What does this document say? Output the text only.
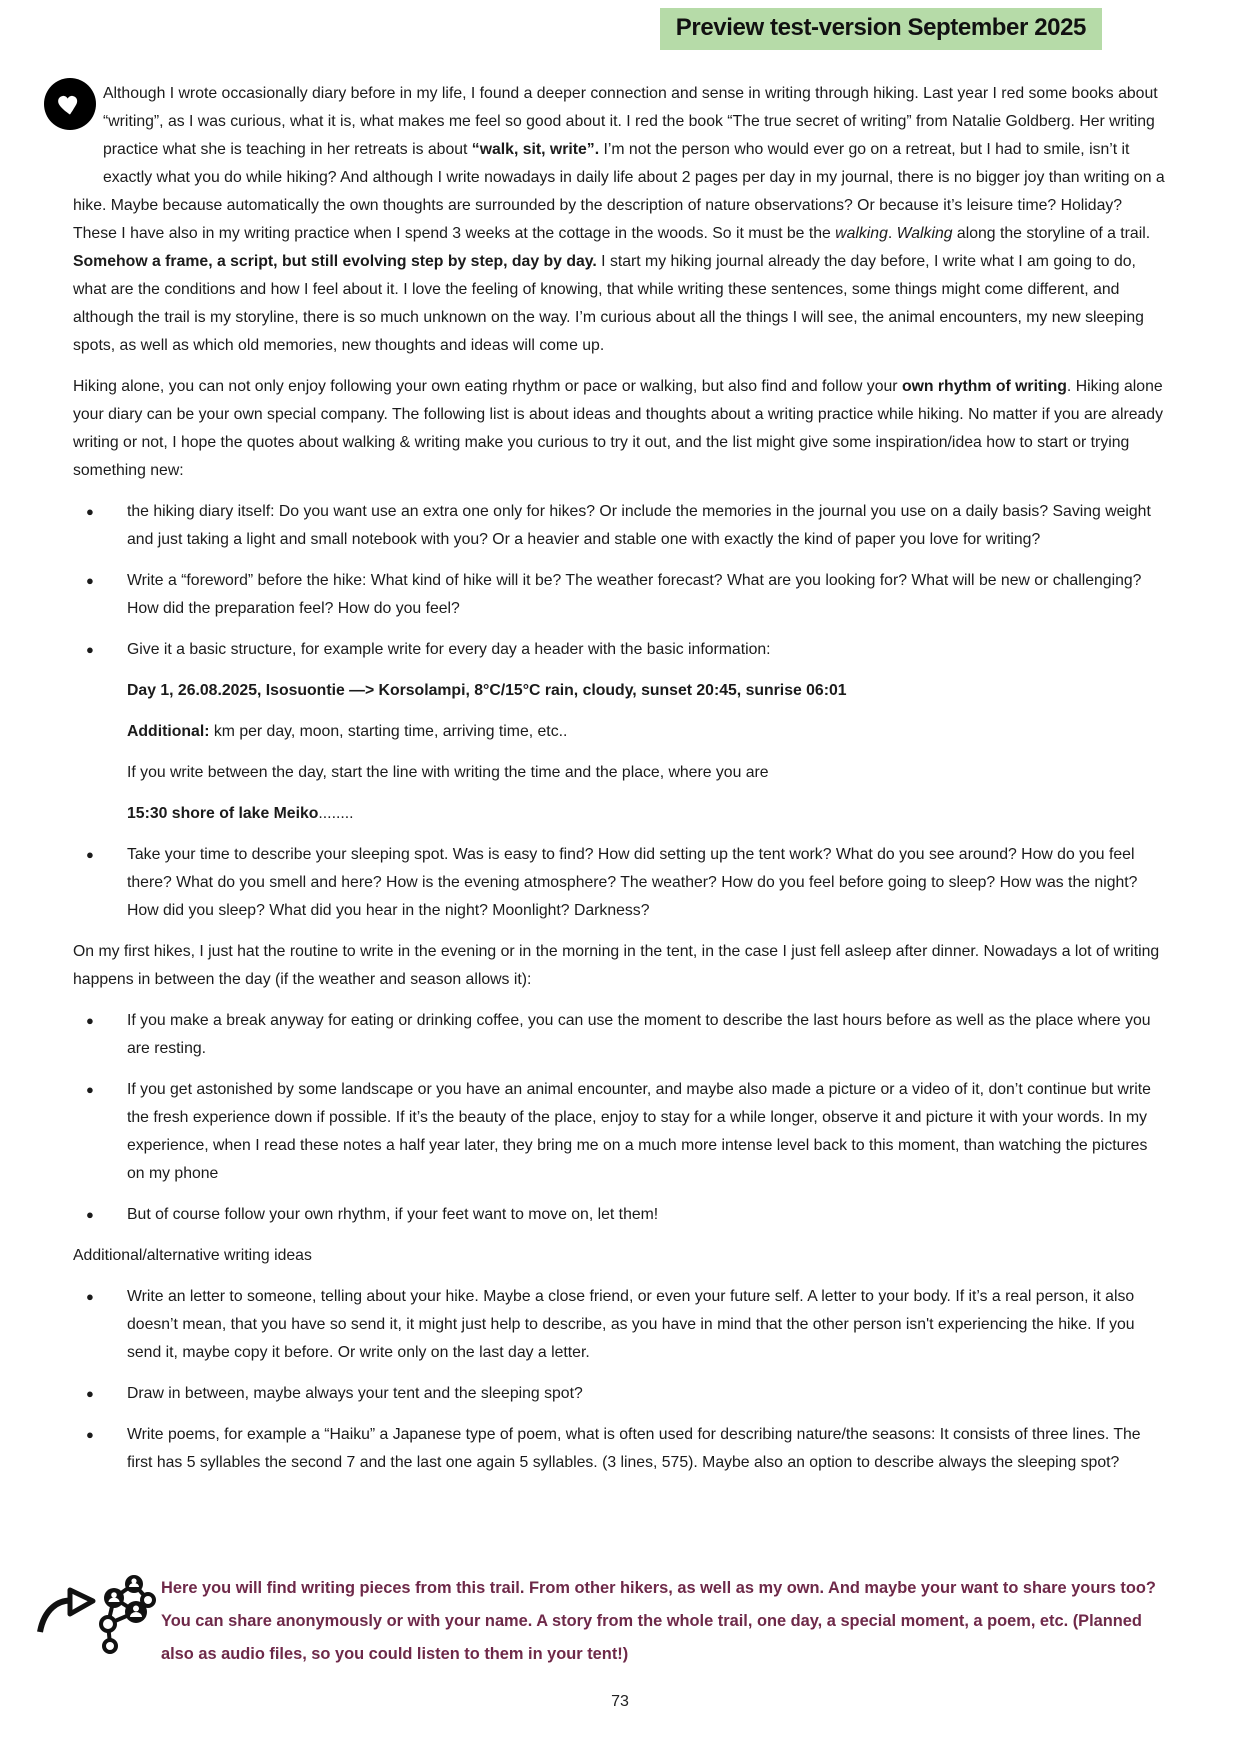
Preview test-version September 2025

Although I wrote occasionally diary before in my life, I found a deeper connection and sense in writing through hiking. Last year I red some books about “writing”, as I was curious, what it is, what makes me feel so good about it. I red the book “The true secret of writing” from Natalie Goldberg. Her writing practice what she is teaching in her retreats is about “walk, sit, write”. I’m not the person who would ever go on a retreat, but I had to smile, isn’t it exactly what you do while hiking? And although I write nowadays in daily life about 2 pages per day in my journal, there is no bigger joy than writing on a hike. Maybe because automatically the own thoughts are surrounded by the description of nature observations? Or because it’s leisure time? Holiday? These I have also in my writing practice when I spend 3 weeks at the cottage in the woods. So it must be the walking. Walking along the storyline of a trail. Somehow a frame, a script, but still evolving step by step, day by day. I start my hiking journal already the day before, I write what I am going to do, what are the conditions and how I feel about it. I love the feeling of knowing, that while writing these sentences, some things might come different, and although the trail is my storyline, there is so much unknown on the way. I’m curious about all the things I will see, the animal encounters, my new sleeping spots, as well as which old memories, new thoughts and ideas will come up.

Hiking alone, you can not only enjoy following your own eating rhythm or pace or walking, but also find and follow your own rhythm of writing. Hiking alone your diary can be your own special company. The following list is about ideas and thoughts about a writing practice while hiking. No matter if you are already writing or not, I hope the quotes about walking & writing make you curious to try it out, and the list might give some inspiration/idea how to start or trying something new:

●	the hiking diary itself: Do you want use an extra one only for hikes? Or include the memories in the journal you use on a daily basis? Saving weight and just taking a light and small notebook with you? Or a heavier and stable one with exactly the kind of paper you love for writing?
●	Write a “foreword” before the hike: What kind of hike will it be? The weather forecast? What are you looking for? What will be new or challenging? How did the preparation feel? How do you feel?
●	Give it a basic structure, for example write for every day a header with the basic information:
Day 1, 26.08.2025, Isosuontie —> Korsolampi, 8°C/15°C rain, cloudy, sunset 20:45, sunrise 06:01
Additional: km per day, moon, starting time, arriving time, etc..
If you write between the day, start the line with writing the time and the place, where you are
15:30 shore of lake Meiko........
●	Take your time to describe your sleeping spot. Was is easy to find? How did setting up the tent work? What do you see around? How do you feel there? What do you smell and here? How is the evening atmosphere? The weather? How do you feel before going to sleep? How was the night? How did you sleep? What did you hear in the night? Moonlight? Darkness?

On my first hikes, I just hat the routine to write in the evening or in the morning in the tent, in the case I just fell asleep after dinner. Nowadays a lot of writing happens in between the day (if the weather and season allows it):

●	If you make a break anyway for eating or drinking coffee, you can use the moment to describe the last hours before as well as the place where you are resting.
●	If you get astonished by some landscape or you have an animal encounter, and maybe also made a picture or a video of it, don’t continue but write the fresh experience down if possible. If it’s the beauty of the place, enjoy to stay for a while longer, observe it and picture it with your words. In my experience, when I read these notes a half year later, they bring me on a much more intense level back to this moment, than watching the pictures on my phone
●	But of course follow your own rhythm, if your feet want to move on, let them!

Additional/alternative writing ideas

●	Write an letter to someone, telling about your hike. Maybe a close friend, or even your future self. A letter to your body. If it’s a real person, it also doesn’t mean, that you have so send it, it might just help to describe, as you have in mind that the other person isn't experiencing the hike. If you send it, maybe copy it before. Or write only on the last day a letter.
●	Draw in between, maybe always your tent and the sleeping spot?
●	Write poems, for example a “Haiku” a Japanese type of poem, what is often used for describing nature/the seasons: It consists of three lines. The first has 5 syllables the second 7 and the last one again 5 syllables. (3 lines, 575). Maybe also an option to describe always the sleeping spot?
Here you will find writing pieces from this trail. From other hikers, as well as my own. And maybe your want to share yours too? You can share anonymously or with your name. A story from the whole trail, one day, a special moment, a poem, etc. (Planned also as audio files, so you could listen to them in your tent!)
73
